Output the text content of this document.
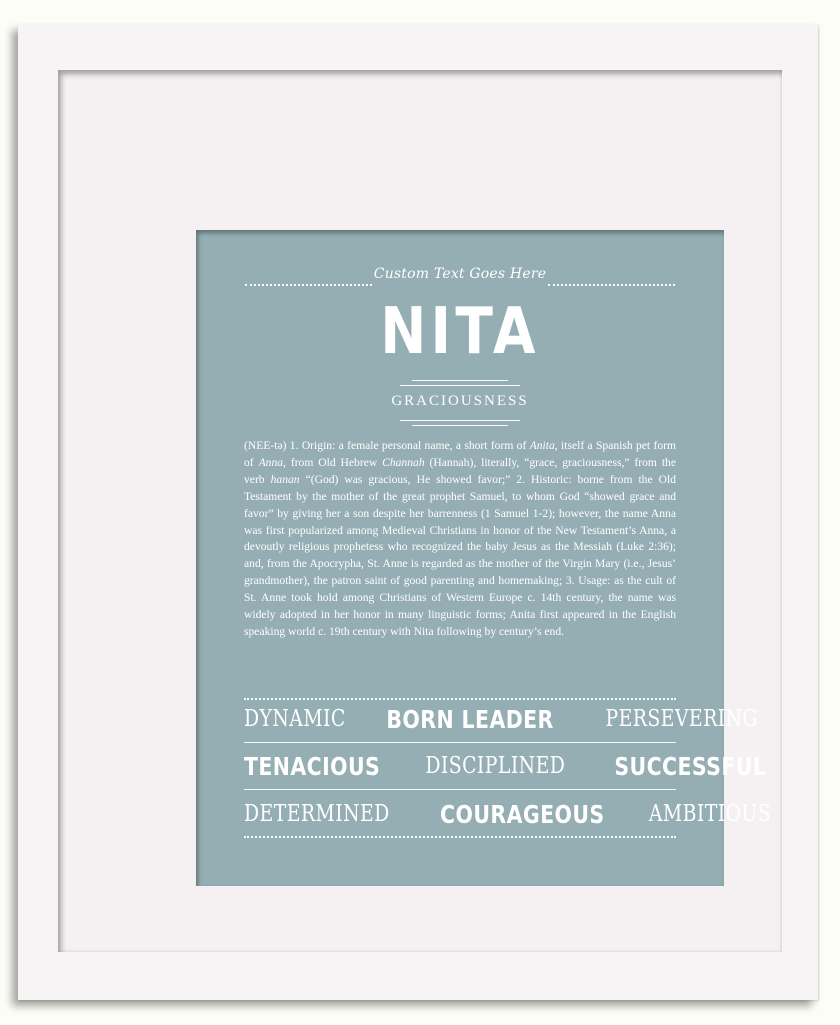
Custom Text Goes Here
NITA
GRACIOUSNESS
(NEE-tə) 1. Origin: a female personal name, a short form of Anita, itself a Spanish pet form of Anna, from Old Hebrew Channah (Hannah), literally, “grace, graciousness,” from the verb hanan “(God) was gracious, He showed favor;” 2. Historic: borne from the Old Testament by the mother of the great prophet Samuel, to whom God “showed grace and favor” by giving her a son despite her barrenness (1 Samuel 1-2); however, the name Anna was first popularized among Medieval Christians in honor of the New Testament’s Anna, a devoutly religious prophetess who recognized the baby Jesus as the Messiah (Luke 2:36); and, from the Apocrypha, St. Anne is regarded as the mother of the Virgin Mary (i.e., Jesus’ grandmother), the patron saint of good parenting and homemaking; 3. Usage: as the cult of St. Anne took hold among Christians of Western Europe c. 14th century, the name was widely adopted in her honor in many linguistic forms; Anita first appeared in the English speaking world c. 19th century with Nita following by century’s end.
DYNAMIC BORN LEADER PERSEVERING
TENACIOUS DISCIPLINED SUCCESSFUL
DETERMINED COURAGEOUS AMBITIOUS
